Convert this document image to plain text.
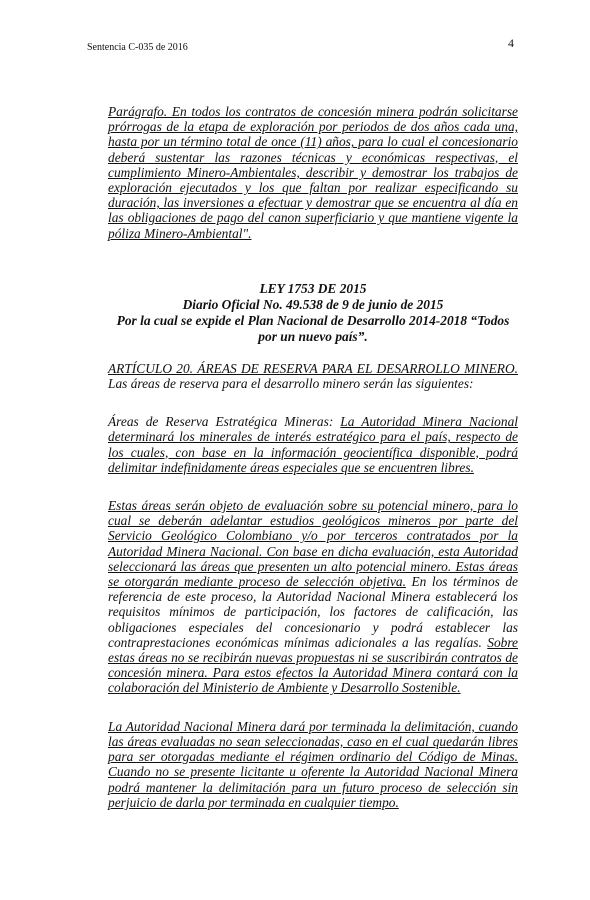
Sentencia C-035 de 2016	4

Parágrafo. En todos los contratos de concesión minera podrán solicitarse prórrogas de la etapa de exploración por periodos de dos años cada una, hasta por un término total de once (11) años, para lo cual el concesionario deberá sustentar las razones técnicas y económicas respectivas, el cumplimiento Minero-Ambientales, describir y demostrar los trabajos de exploración ejecutados y los que faltan por realizar especificando su duración, las inversiones a efectuar y demostrar que se encuentra al día en las obligaciones de pago del canon superficiario y que mantiene vigente la póliza Minero-Ambiental".

LEY 1753 DE 2015
Diario Oficial No. 49.538 de 9 de junio de 2015
Por la cual se expide el Plan Nacional de Desarrollo 2014-2018 “Todos por un nuevo país”.

ARTÍCULO 20. ÁREAS DE RESERVA PARA EL DESARROLLO MINERO. Las áreas de reserva para el desarrollo minero serán las siguientes:

Áreas de Reserva Estratégica Mineras: La Autoridad Minera Nacional determinará los minerales de interés estratégico para el país, respecto de los cuales, con base en la información geocientífica disponible, podrá delimitar indefinidamente áreas especiales que se encuentren libres.

Estas áreas serán objeto de evaluación sobre su potencial minero, para lo cual se deberán adelantar estudios geológicos mineros por parte del Servicio Geológico Colombiano y/o por terceros contratados por la Autoridad Minera Nacional. Con base en dicha evaluación, esta Autoridad seleccionará las áreas que presenten un alto potencial minero. Estas áreas se otorgarán mediante proceso de selección objetiva. En los términos de referencia de este proceso, la Autoridad Nacional Minera establecerá los requisitos mínimos de participación, los factores de calificación, las obligaciones especiales del concesionario y podrá establecer las contraprestaciones económicas mínimas adicionales a las regalías. Sobre estas áreas no se recibirán nuevas propuestas ni se suscribirán contratos de concesión minera. Para estos efectos la Autoridad Minera contará con la colaboración del Ministerio de Ambiente y Desarrollo Sostenible.

La Autoridad Nacional Minera dará por terminada la delimitación, cuando las áreas evaluadas no sean seleccionadas, caso en el cual quedarán libres para ser otorgadas mediante el régimen ordinario del Código de Minas. Cuando no se presente licitante u oferente la Autoridad Nacional Minera podrá mantener la delimitación para un futuro proceso de selección sin perjuicio de darla por terminada en cualquier tiempo.
